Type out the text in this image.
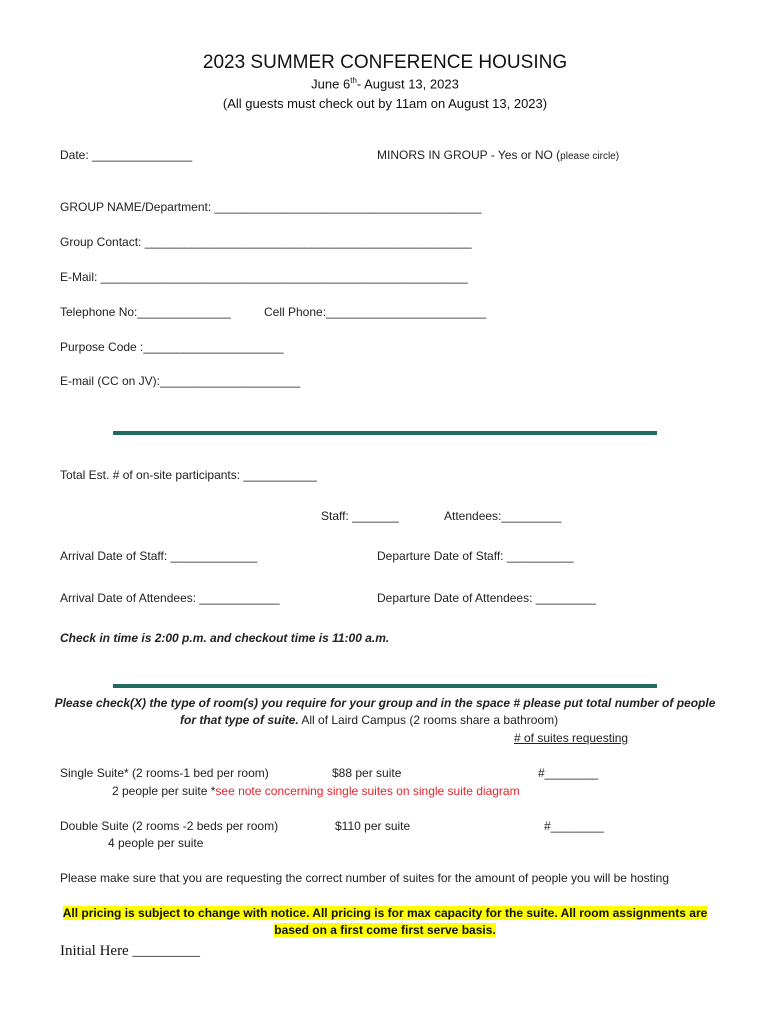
2023 SUMMER CONFERENCE HOUSING
June 6th- August 13, 2023
(All guests must check out by 11am on August 13, 2023)
Date: _______________	MINORS IN GROUP - Yes or NO (please circle)
GROUP NAME/Department: ________________________________________
Group Contact: _________________________________________________
E-Mail: _______________________________________________________
Telephone No:______________	Cell Phone:________________________
Purpose Code :_____________________
E-mail (CC on JV):_____________________
Total Est. # of on-site participants: ___________
Staff: _______	Attendees:_________
Arrival Date of Staff: _____________	Departure Date of Staff: __________
Arrival Date of Attendees: ____________	Departure Date of Attendees: _________
Check in time is 2:00 p.m. and checkout time is 11:00 a.m.
Please check(X) the type of room(s) you require for your group and in the space # please put total number of people
for that type of suite. All of Laird Campus (2 rooms share a bathroom)
# of suites requesting
Single Suite* (2 rooms-1 bed per room)	$88 per suite	#________
2 people per suite *see note concerning single suites on single suite diagram
Double Suite (2 rooms -2 beds per room)	$110 per suite	#________
4 people per suite
Please make sure that you are requesting the correct number of suites for the amount of people you will be hosting
All pricing is subject to change with notice. All pricing is for max capacity for the suite. All room assignments are
based on a first come first serve basis.
Initial Here _________
